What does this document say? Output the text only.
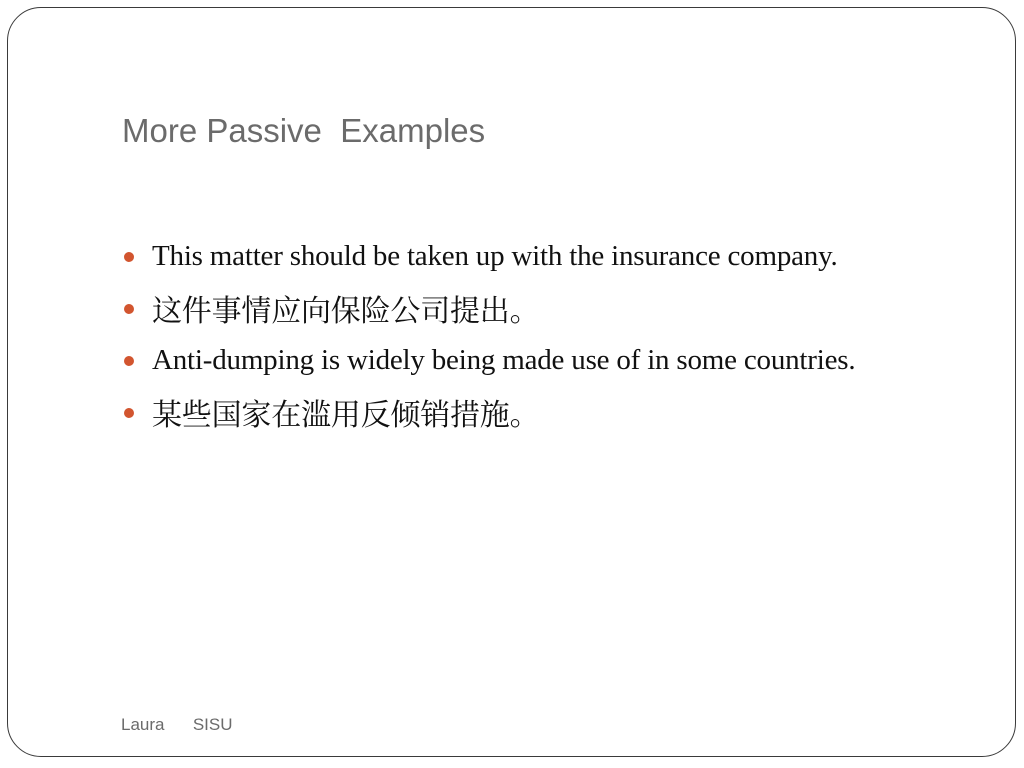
More Passive  Examples
This matter should be taken up with the insurance company.
这件事情应向保险公司提出。
Anti-dumping is widely being made use of in some countries.
某些国家在滥用反倾销措施。
Laura      SISU
